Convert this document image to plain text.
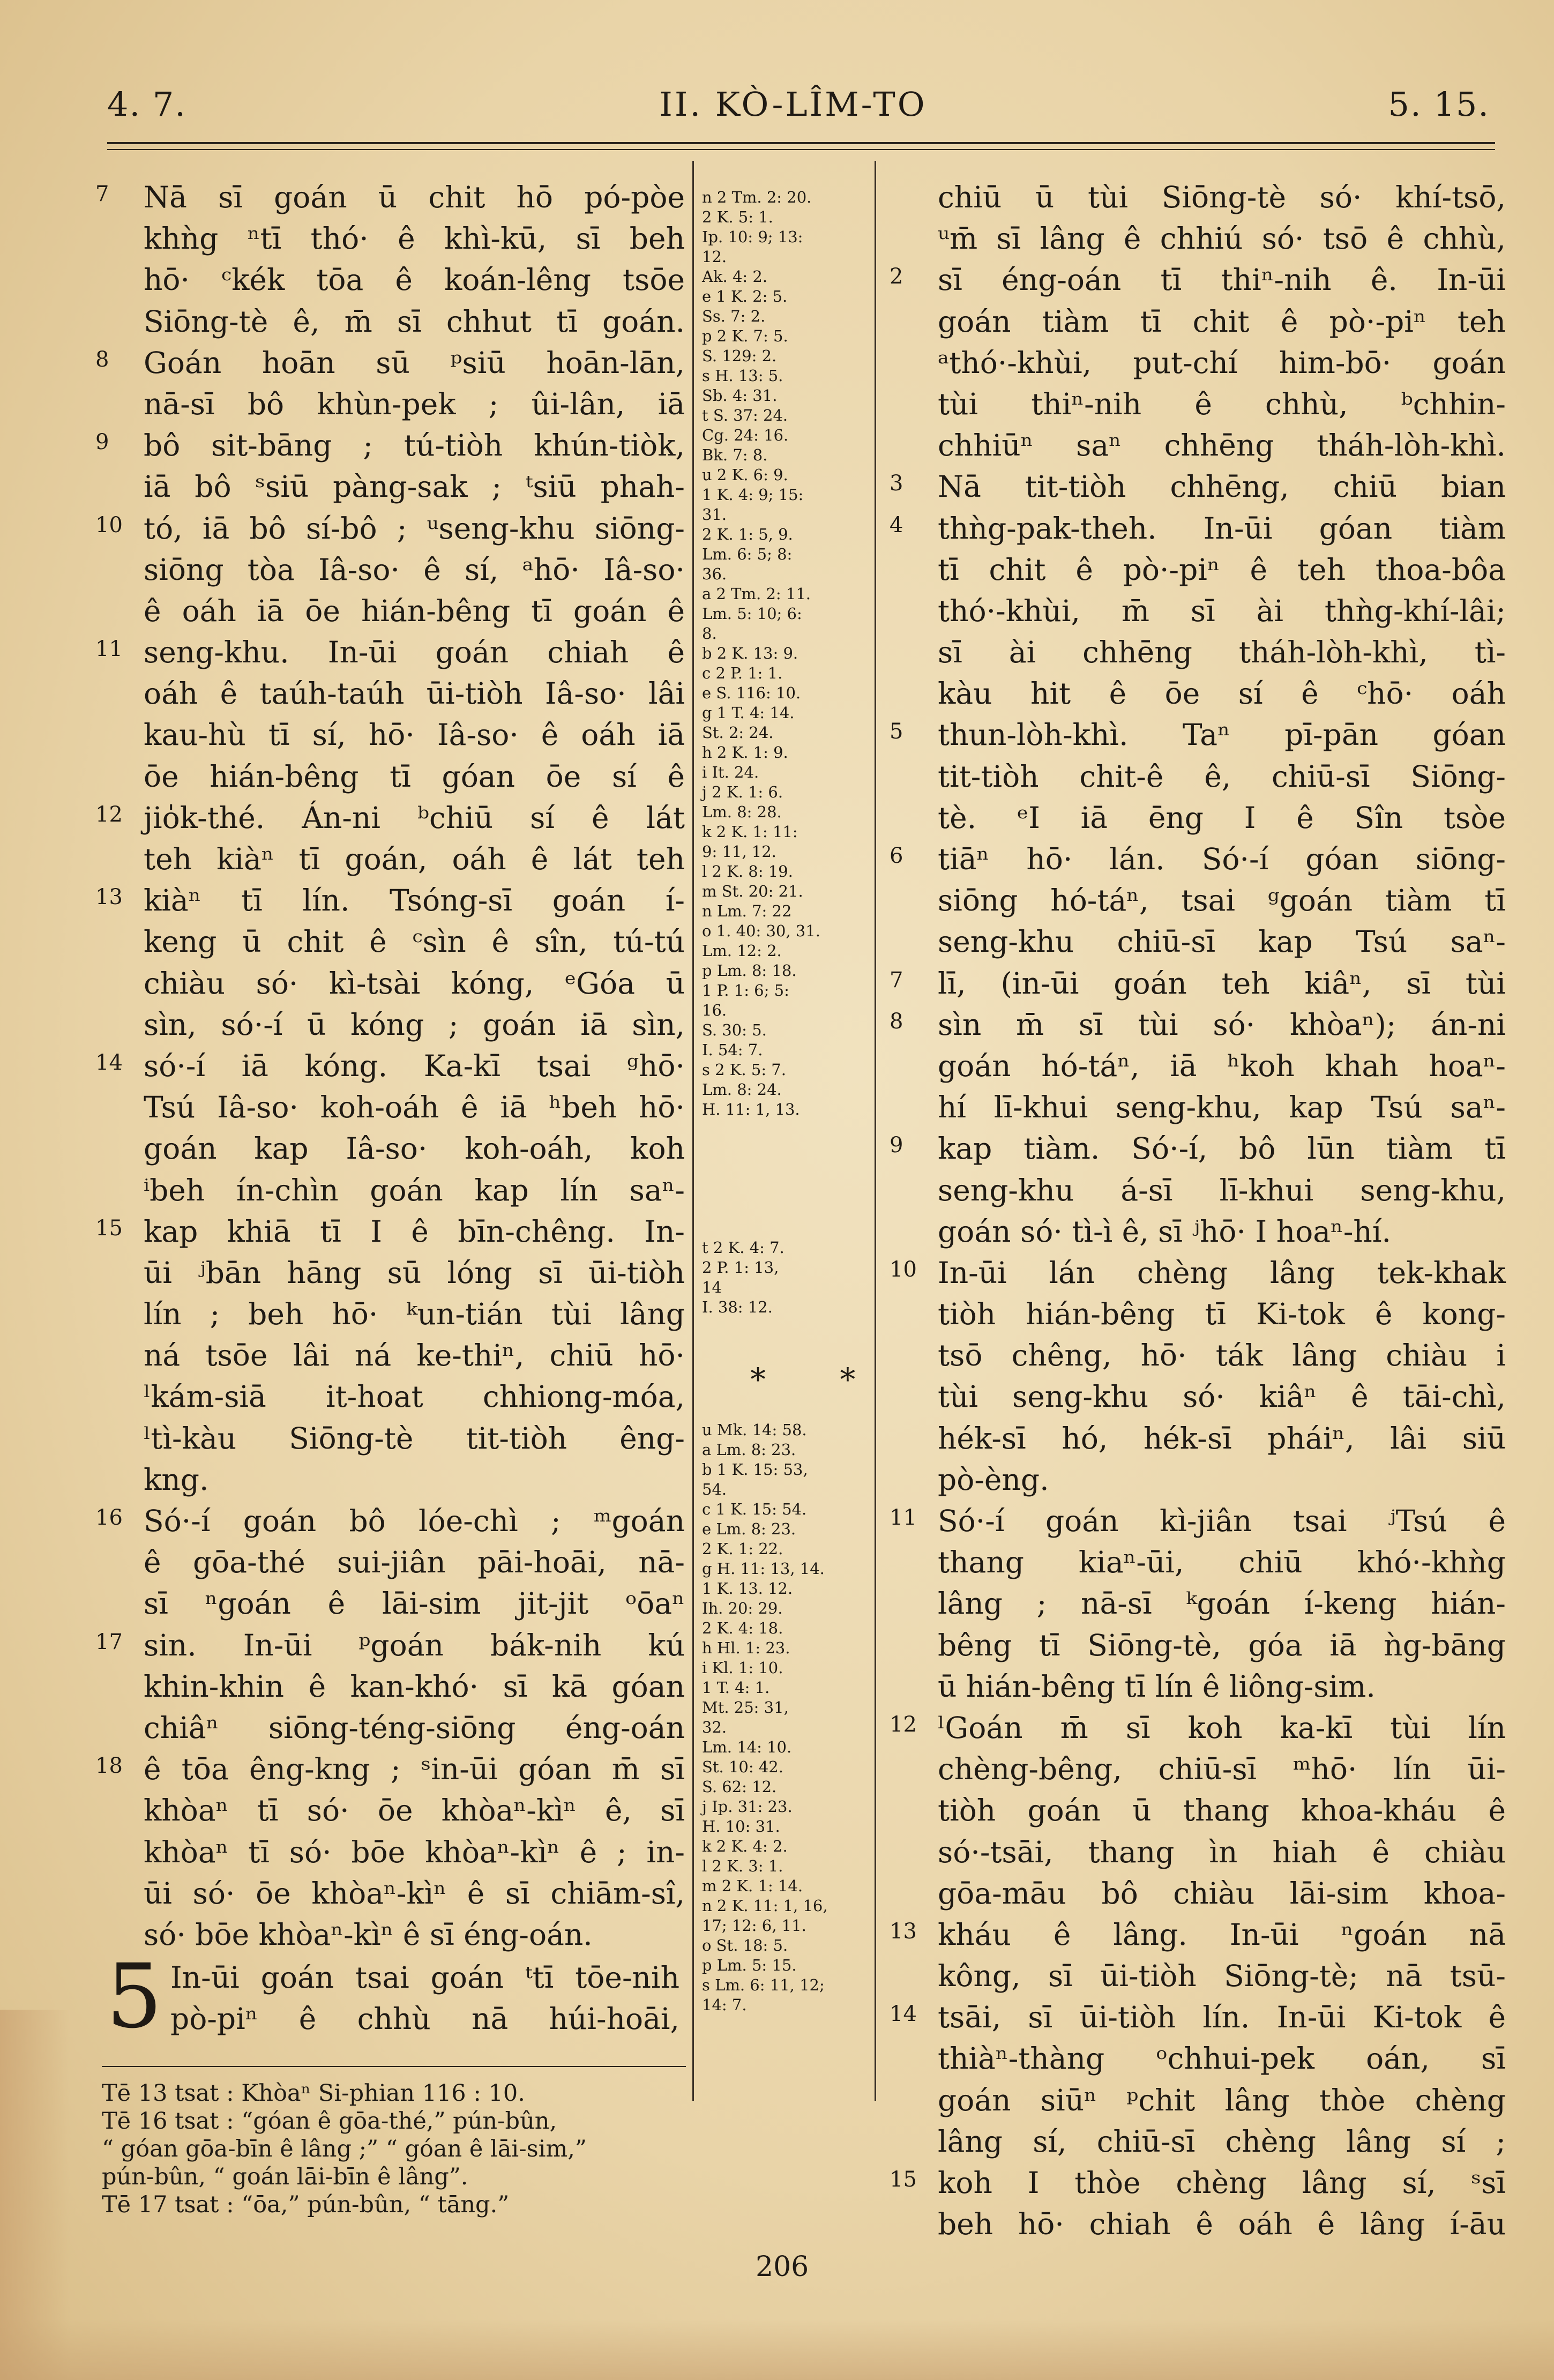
4. 7.	II. KÒ-LÎM-TO	5. 15.
7	Nā sī goán ū chit hō pó-pòe
khǹg ⁿtī thó· ê khì-kū, sī beh
hō· ᶜkék tōa ê koán-lêng tsōe
Siōng-tè ê, m̄ sī chhut tī goán.
8	Goán hoān sū ᵖsiū hoān-lān,
nā-sī bô khùn-pek ; ûi-lân, iā
9	bô sit-bāng ; tú-tiòh khún-tiòk,
iā bô ˢsiū pàng-sak ; ᵗsiū phah-
10 tó, iā bô sí-bô ; ᵘseng-khu siōng-
siōng tòa Iâ-so· ê sí, ᵃhō· Iâ-so·
ê oáh iā ōe hián-bêng tī goán ê
11 seng-khu. In-ūi goán chiah ê
oáh ê taúh-taúh ūi-tiòh Iâ-so· lâi
kau-hù tī sí, hō· Iâ-so· ê oáh iā
ōe hián-bêng tī góan ōe sí ê
12 jio̍k-thé. Án-ni ᵇchiū sí ê lát
teh kiàⁿ tī goán, oáh ê lát teh
13 kiàⁿ tī lín. Tsóng-sī goán í-
keng ū chit ê ᶜsìn ê sîn, tú-tú
chiàu só· kì-tsài kóng, ᵉGóa ū
sìn, só·-í ū kóng ; goán iā sìn,
14 só·-í iā kóng. Ka-kī tsai ᵍhō·
Tsú Iâ-so· koh-oáh ê iā ʰbeh hō·
goán kap Iâ-so· koh-oáh, koh
ⁱbeh ín-chìn goán kap lín saⁿ-
15 kap khiā tī I ê bīn-chêng. In-
ūi ʲbān hāng sū lóng sī ūi-tiòh
lín ; beh hō· ᵏun-tián tùi lâng
ná tsōe lâi ná ke-thiⁿ, chiū hō·
ˡkám-siā it-hoat chhiong-móa,
ˡtì-kàu Siōng-tè tit-tiòh êng-
kng.
16 Só·-í goán bô lóe-chì ; ᵐgoán
ê gōa-thé sui-jiân pāi-hoāi, nā-
sī ⁿgoán ê lāi-sim jit-jit ᵒōaⁿ
17 sin. In-ūi ᵖgoán bák-nih kú
khin-khin ê kan-khó· sī kā góan
chiâⁿ siōng-téng-siōng éng-oán
18 ê tōa êng-kng ; ˢin-ūi góan m̄ sī
khòaⁿ tī só· ōe khòaⁿ-kìⁿ ê, sī
khòaⁿ tī só· bōe khòaⁿ-kìⁿ ê ; in-
ūi só· ōe khòaⁿ-kìⁿ ê sī chiām-sî,
só· bōe khòaⁿ-kìⁿ ê sī éng-oán.
5 In-ūi goán tsai goán ᵗtī tōe-nih
pò-piⁿ ê chhù nā húi-hoāi,
chiū ū tùi Siōng-tè só· khí-tsō,
ᵘm̄ sī lâng ê chhiú só· tsō ê chhù,
2	sī éng-oán tī thiⁿ-nih ê. In-ūi
goán tiàm tī chit ê pò·-piⁿ teh
ᵃthó·-khùi, put-chí him-bō· goán
tùi thiⁿ-nih ê chhù, ᵇchhin-
chhiūⁿ saⁿ chhēng tháh-lòh-khì.
3	Nā tit-tiòh chhēng, chiū bian
4	thǹg-pak-theh. In-ūi góan tiàm
tī chit ê pò·-piⁿ ê teh thoa-bôa
thó·-khùi, m̄ sī ài thǹg-khí-lâi;
sī ài chhēng tháh-lòh-khì, tì-
kàu hit ê ōe sí ê ᶜhō· oáh
5	thun-lòh-khì. Taⁿ pī-pān góan
tit-tiòh chit-ê ê, chiū-sī Siōng-
tè. ᵉI iā ēng I ê Sîn tsòe
6	tiāⁿ hō· lán. Só·-í góan siōng-
siōng hó-táⁿ, tsai ᵍgoán tiàm tī
seng-khu chiū-sī kap Tsú saⁿ-
7	lī, (in-ūi goán teh kiâⁿ, sī tùi
8	sìn m̄ sī tùi só· khòaⁿ); án-ni
goán hó-táⁿ, iā ʰkoh khah hoaⁿ-
hí lī-khui seng-khu, kap Tsú saⁿ-
9	kap tiàm. Só·-í, bô lūn tiàm tī
seng-khu á-sī lī-khui seng-khu,
goán só· tì-ì ê, sī ʲhō· I hoaⁿ-hí.
10 In-ūi lán chèng lâng tek-khak
tiòh hián-bêng tī Ki-tok ê kong-
tsō chêng, hō· ták lâng chiàu i
tùi seng-khu só· kiâⁿ ê tāi-chì,
hék-sī hó, hék-sī pháiⁿ, lâi siū
pò-èng.
11 Só·-í goán kì-jiân tsai ʲTsú ê
thang kiaⁿ-ūi, chiū khó·-khǹg
lâng ; nā-sī ᵏgoán í-keng hián-
bêng tī Siōng-tè, góa iā ǹg-bāng
ū hián-bêng tī lín ê liông-sim.
12 ˡGoán m̄ sī koh ka-kī tùi lín
chèng-bêng, chiū-sī ᵐhō· lín ūi-
tiòh goán ū thang khoa-kháu ê
só·-tsāi, thang ìn hiah ê chiàu
gōa-māu bô chiàu lāi-sim khoa-
13 kháu ê lâng. In-ūi ⁿgoán nā
kông, sī ūi-tiòh Siōng-tè; nā tsū-
14 tsāi, sī ūi-tiòh lín. In-ūi Ki-tok ê
thiàⁿ-thàng ᵒchhui-pek oán, sī
goán siūⁿ ᵖchit lâng thòe chèng
lâng sí, chiū-sī chèng lâng sí ;
15 koh I thòe chèng lâng sí, ˢsī
beh hō· chiah ê oáh ê lâng í-āu
n 2 Tm. 2: 20.
2 K. 5: 1.
Ip. 10: 9; 13:
12.
Ak. 4: 2.
e 1 K. 2: 5.
Ss. 7: 2.
p 2 K. 7: 5.
S. 129: 2.
s H. 13: 5.
Sb. 4: 31.
t S. 37: 24.
Cg. 24: 16.
Bk. 7: 8.
u 2 K. 6: 9.
1 K. 4: 9; 15:
31.
2 K. 1: 5, 9.
Lm. 6: 5; 8:
36.
a 2 Tm. 2: 11.
Lm. 5: 10; 6:
8.
b 2 K. 13: 9.
c 2 P. 1: 1.
e S. 116: 10.
g 1 T. 4: 14.
St. 2: 24.
h 2 K. 1: 9.
i It. 24.
j 2 K. 1: 6.
Lm. 8: 28.
k 2 K. 1: 11:
9: 11, 12.
l 2 K. 8: 19.
m St. 20: 21.
n Lm. 7: 22
o 1. 40: 30, 31.
Lm. 12: 2.
p Lm. 8: 18.
1 P. 1: 6; 5:
16.
S. 30: 5.
I. 54: 7.
s 2 K. 5: 7.
Lm. 8: 24.
H. 11: 1, 13.
t 2 K. 4: 7.
2 P. 1: 13,
14
I. 38: 12.
* *
u Mk. 14: 58.
a Lm. 8: 23.
b 1 K. 15: 53,
54.
c 1 K. 15: 54.
e Lm. 8: 23.
2 K. 1: 22.
g H. 11: 13, 14.
1 K. 13. 12.
Ih. 20: 29.
2 K. 4: 18.
h Hl. 1: 23.
i Kl. 1: 10.
1 T. 4: 1.
Mt. 25: 31,
32.
Lm. 14: 10.
St. 10: 42.
S. 62: 12.
j Ip. 31: 23.
H. 10: 31.
k 2 K. 4: 2.
l 2 K. 3: 1.
m 2 K. 1: 14.
n 2 K. 11: 1, 16,
17; 12: 6, 11.
o St. 18: 5.
p Lm. 5: 15.
s Lm. 6: 11, 12;
14: 7.
Tē 13 tsat : Khòaⁿ Si-phian 116 : 10.
Tē 16 tsat : “góan ê gōa-thé,” pún-bûn,
“ góan gōa-bīn ê lâng ;” “ góan ê lāi-sim,”
pún-bûn, “ goán lāi-bīn ê lâng”.
Tē 17 tsat : “ōa,” pún-bûn, “ tāng.”
206
